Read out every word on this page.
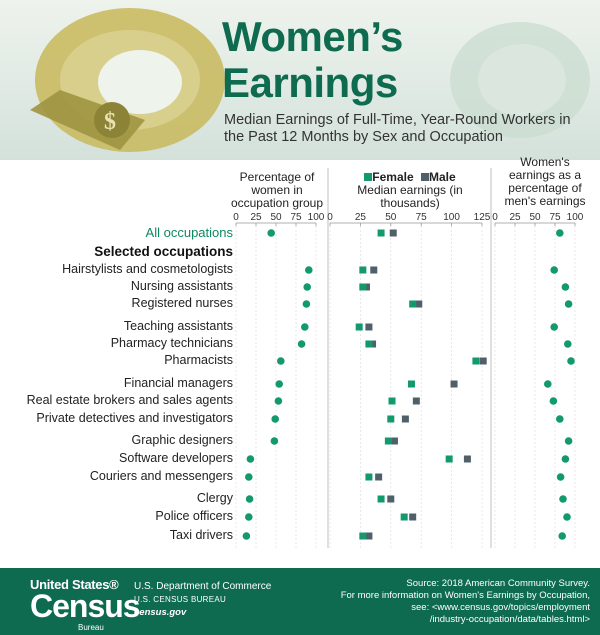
$
Women’s
Earnings
Median Earnings of Full-Time, Year-Round Workers in the Past 12 Months by Sex and Occupation
Percentage of women in occupation group
Female Male
Median earnings (in thousands)
Women's earnings as a percentage of men's earnings
Selected occupations
All occupations
Hairstylists and cosmetologists
Nursing assistants
Registered nurses
Teaching assistants
Pharmacy technicians
Pharmacists
Financial managers
Real estate brokers and sales agents
Private detectives and investigators
Graphic designers
Software developers
Couriers and messengers
Clergy
Police officers
Taxi drivers
0 25 50 75 100 0 25 50 75 100 125 0 25 50 75 100
United States®
Census
Bureau
U.S. Department of Commerce
U.S. CENSUS BUREAU
census.gov
Source: 2018 American Community Survey.
For more information on Women's Earnings by Occupation,
see: <www.census.gov/topics/employment
/industry-occupation/data/tables.html>
